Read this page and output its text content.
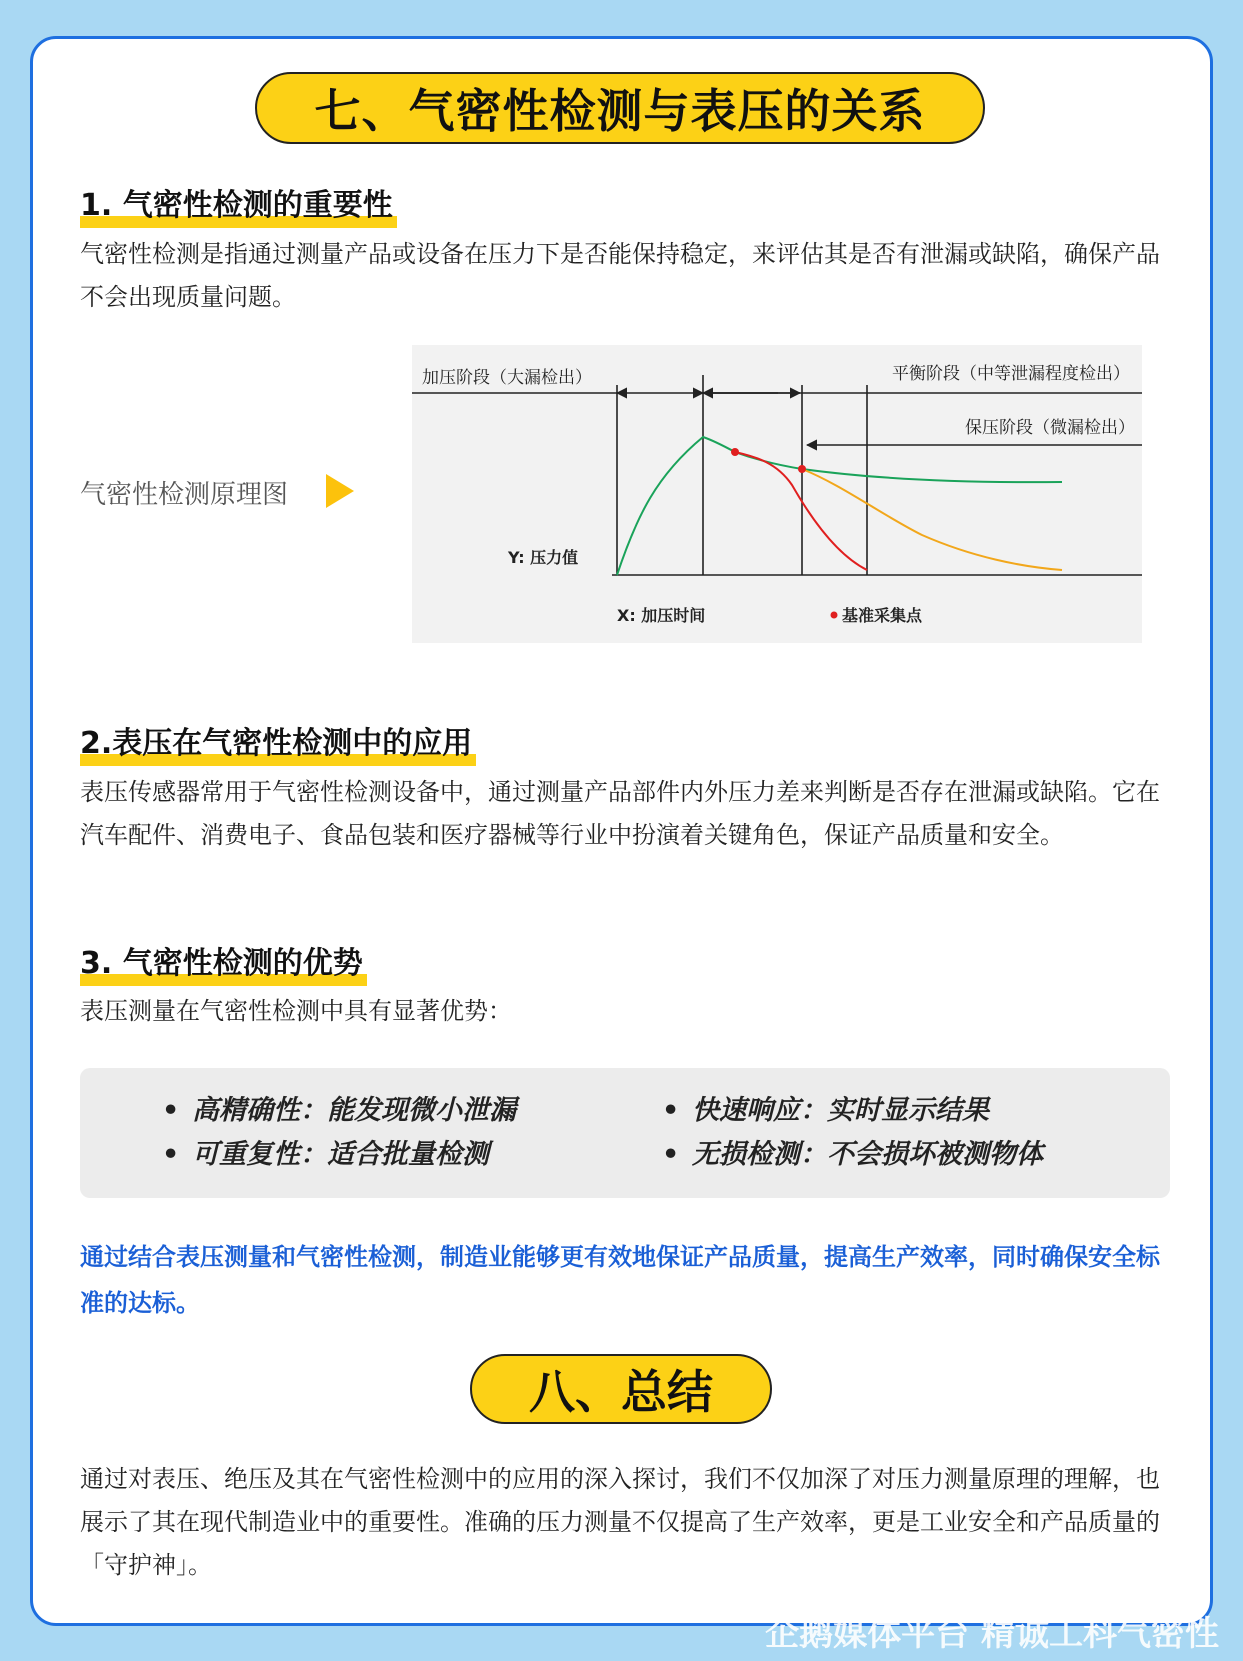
七、气密性检测与表压的关系
1. 气密性检测的重要性
气密性检测是指通过测量产品或设备在压力下是否能保持稳定，来评估其是否有泄漏或缺陷，确保产品不会出现质量问题。
气密性检测原理图
加压阶段（大漏检出）	平衡阶段（中等泄漏程度检出）
保压阶段（微漏检出）
Y: 压力值
X: 加压时间	基准采集点
2.表压在气密性检测中的应用
表压传感器常用于气密性检测设备中，通过测量产品部件内外压力差来判断是否存在泄漏或缺陷。它在汽车配件、消费电子、食品包装和医疗器械等行业中扮演着关键角色，保证产品质量和安全。
3. 气密性检测的优势
表压测量在气密性检测中具有显著优势：
• 高精确性：能发现微小泄漏	• 快速响应：实时显示结果
• 可重复性：适合批量检测	• 无损检测：不会损坏被测物体
通过结合表压测量和气密性检测，制造业能够更有效地保证产品质量，提高生产效率，同时确保安全标准的达标。
八、总结
通过对表压、绝压及其在气密性检测中的应用的深入探讨，我们不仅加深了对压力测量原理的理解，也展示了其在现代制造业中的重要性。准确的压力测量不仅提高了生产效率，更是工业安全和产品质量的「守护神」。
企鹅媒体平台 精诚工科气密性
